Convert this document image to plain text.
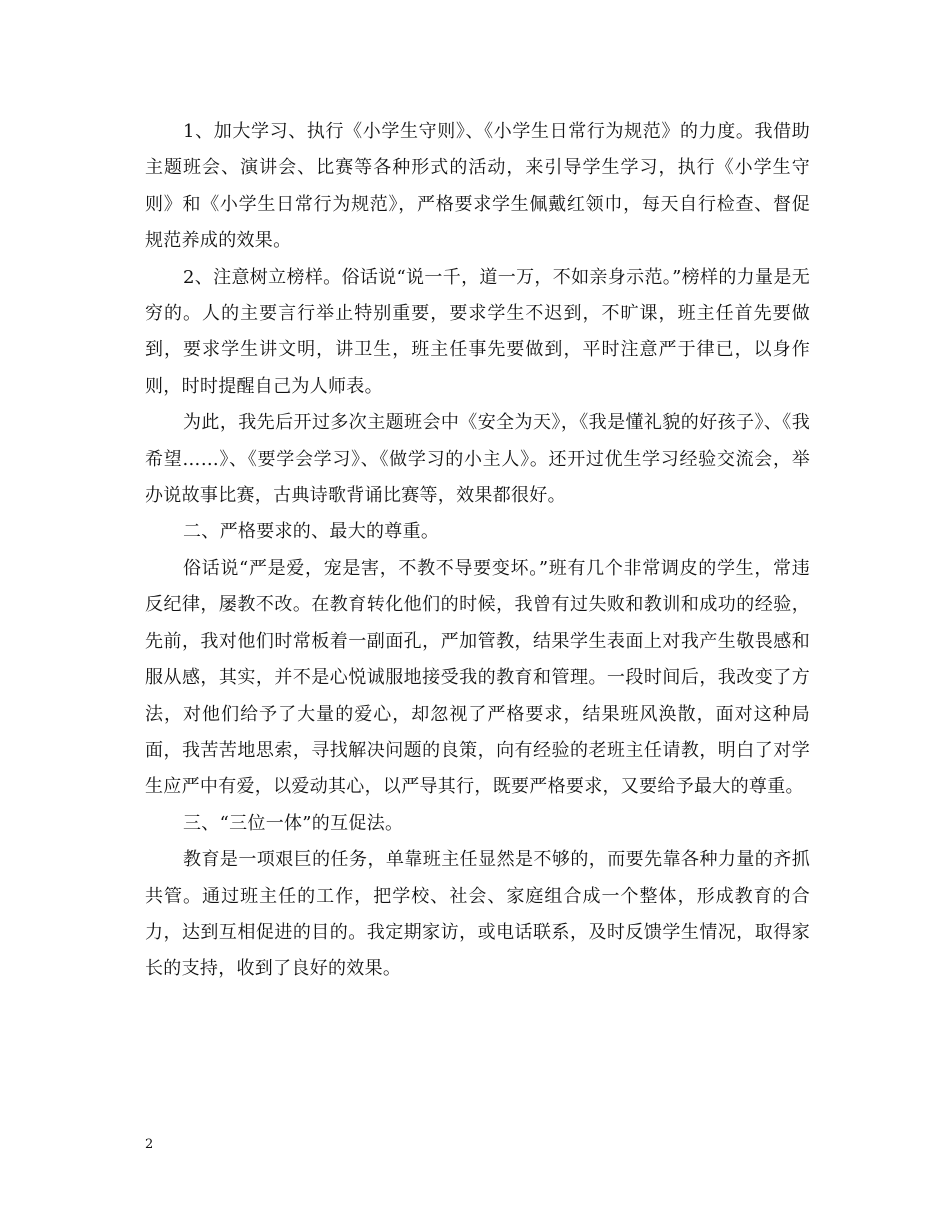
1、加大学习、执行《小学生守则》、《小学生日常行为规范》的力度。我借助主题班会、演讲会、比赛等各种形式的活动，来引导学生学习，执行《小学生守则》和《小学生日常行为规范》，严格要求学生佩戴红领巾，每天自行检查、督促规范养成的效果。

2、注意树立榜样。俗话说“说一千，道一万，不如亲身示范。”榜样的力量是无穷的。人的主要言行举止特别重要，要求学生不迟到，不旷课，班主任首先要做到，要求学生讲文明，讲卫生，班主任事先要做到，平时注意严于律已，以身作则，时时提醒自己为人师表。

为此，我先后开过多次主题班会中《安全为天》，《我是懂礼貌的好孩子》、《我希望……》、《要学会学习》、《做学习的小主人》。还开过优生学习经验交流会，举办说故事比赛，古典诗歌背诵比赛等，效果都很好。

二、严格要求的、最大的尊重。

俗话说“严是爱，宠是害，不教不导要变坏。”班有几个非常调皮的学生，常违反纪律，屡教不改。在教育转化他们的时候，我曾有过失败和教训和成功的经验，先前，我对他们时常板着一副面孔，严加管教，结果学生表面上对我产生敬畏感和服从感，其实，并不是心悦诚服地接受我的教育和管理。一段时间后，我改变了方法，对他们给予了大量的爱心，却忽视了严格要求，结果班风涣散，面对这种局面，我苦苦地思索，寻找解决问题的良策，向有经验的老班主任请教，明白了对学生应严中有爱，以爱动其心，以严导其行，既要严格要求，又要给予最大的尊重。

三、“三位一体”的互促法。

教育是一项艰巨的任务，单靠班主任显然是不够的，而要先靠各种力量的齐抓共管。通过班主任的工作，把学校、社会、家庭组合成一个整体，形成教育的合力，达到互相促进的目的。我定期家访，或电话联系，及时反馈学生情况，取得家长的支持，收到了良好的效果。

2
